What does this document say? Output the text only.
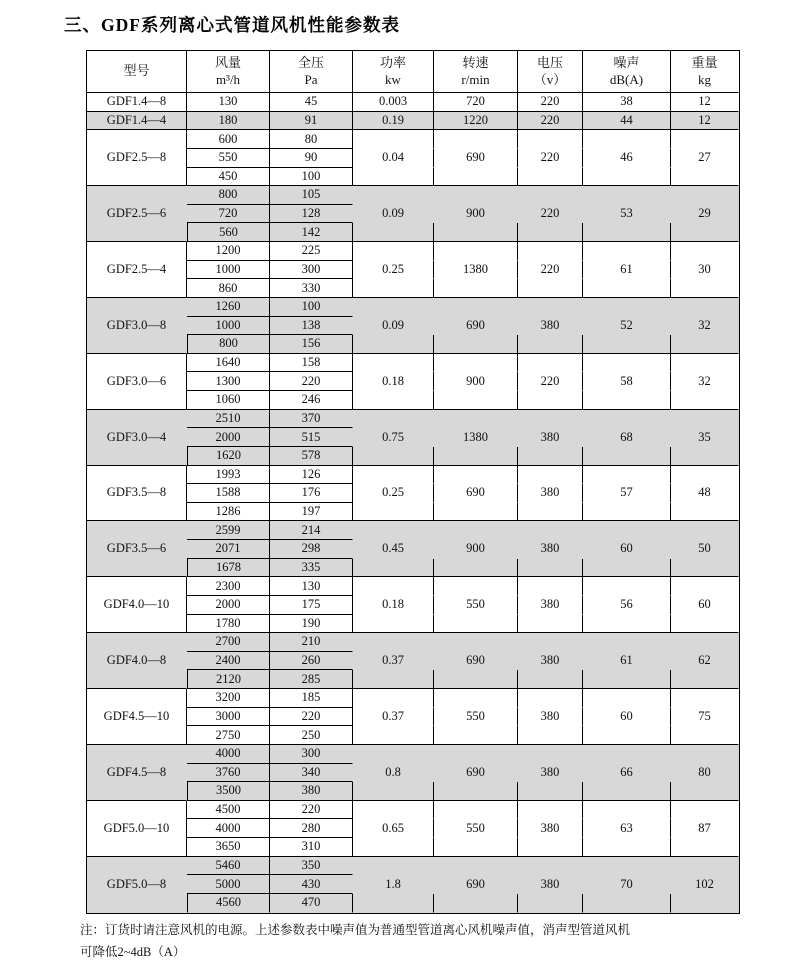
三、GDF系列离心式管道风机性能参数表
型号

风量
m³/h

全压
Pa

功率
kw

转速
r/min

电压
（v）

噪声
dB(A)

重量
kg

GDF1.4—8	130	45	0.003	720	220	38	12
GDF1.4—4	180	91	0.19	1220	220	44	12
GDF2.5—8	600	80					
	550	90	0.04	690	220	46	27
	450	100					
GDF2.5—6	800	105					
	720	128	0.09	900	220	53	29
	560	142					
GDF2.5—4	1200	225					
	1000	300	0.25	1380	220	61	30
	860	330					
GDF3.0—8	1260	100					
	1000	138	0.09	690	380	52	32
	800	156					
GDF3.0—6	1640	158					
	1300	220	0.18	900	220	58	32
	1060	246					
GDF3.0—4	2510	370					
	2000	515	0.75	1380	380	68	35
	1620	578					
GDF3.5—8	1993	126					
	1588	176	0.25	690	380	57	48
	1286	197					
GDF3.5—6	2599	214					
	2071	298	0.45	900	380	60	50
	1678	335					
GDF4.0—10	2300	130					
	2000	175	0.18	550	380	56	60
	1780	190					
GDF4.0—8	2700	210					
	2400	260	0.37	690	380	61	62
	2120	285					
GDF4.5—10	3200	185					
	3000	220	0.37	550	380	60	75
	2750	250					
GDF4.5—8	4000	300					
	3760	340	0.8	690	380	66	80
	3500	380					
GDF5.0—10	4500	220					
	4000	280	0.65	550	380	63	87
	3650	310					
GDF5.0—8	5460	350					
	5000	430	1.8	690	380	70	102
	4560	470					
注：订货时请注意风机的电源。上述参数表中噪声值为普通型管道离心风机噪声值，消声型管道风机
可降低2~4dB（A）
